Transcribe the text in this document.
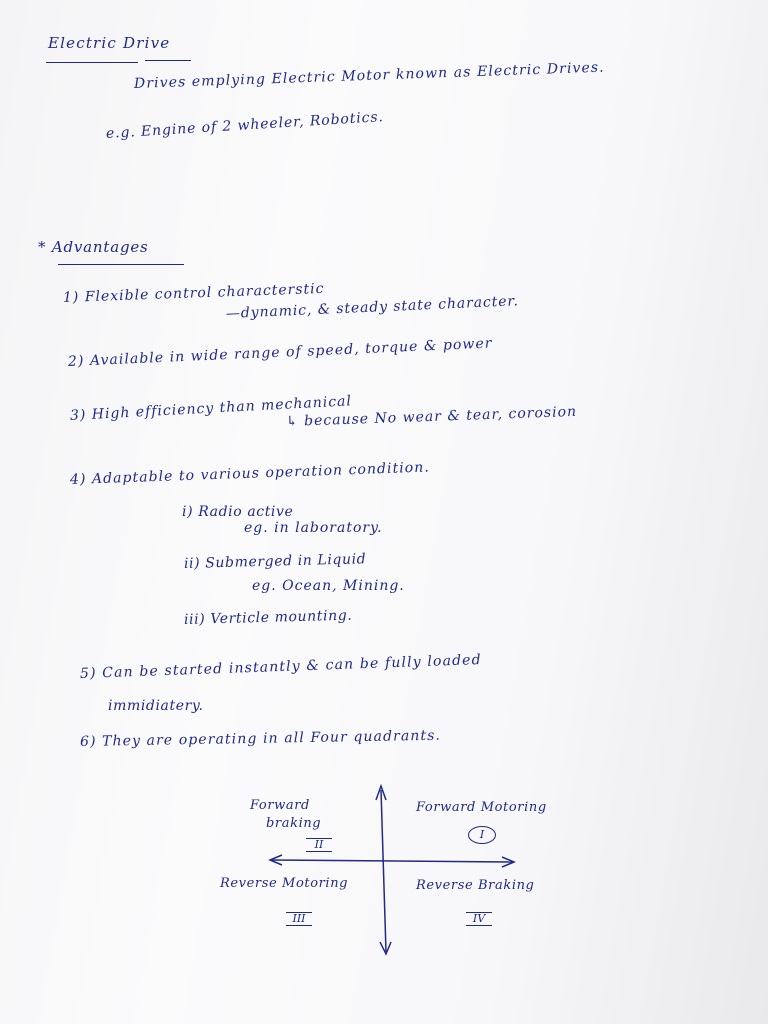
Electric Drive

Drives emplying Electric Motor known as Electric Drives.

e.g. Engine of 2 wheeler, Robotics.

* Advantages

1) Flexible control characterstic

—dynamic, & steady state character.

2) Available in wide range of speed, torque & power

3) High efficiency than mechanical

↳ because No wear & tear, corosion

4) Adaptable to various operation condition.

i) Radio active

eg. in laboratory.

ii) Submerged in Liquid

eg. Ocean, Mining.

iii) Verticle mounting.

5) Can be started instantly & can be fully loaded

immidiatery.

6) They are operating in all Four quadrants.

Forward

braking

II

Forward Motoring

I

Reverse Motoring

III

Reverse Braking

IV
